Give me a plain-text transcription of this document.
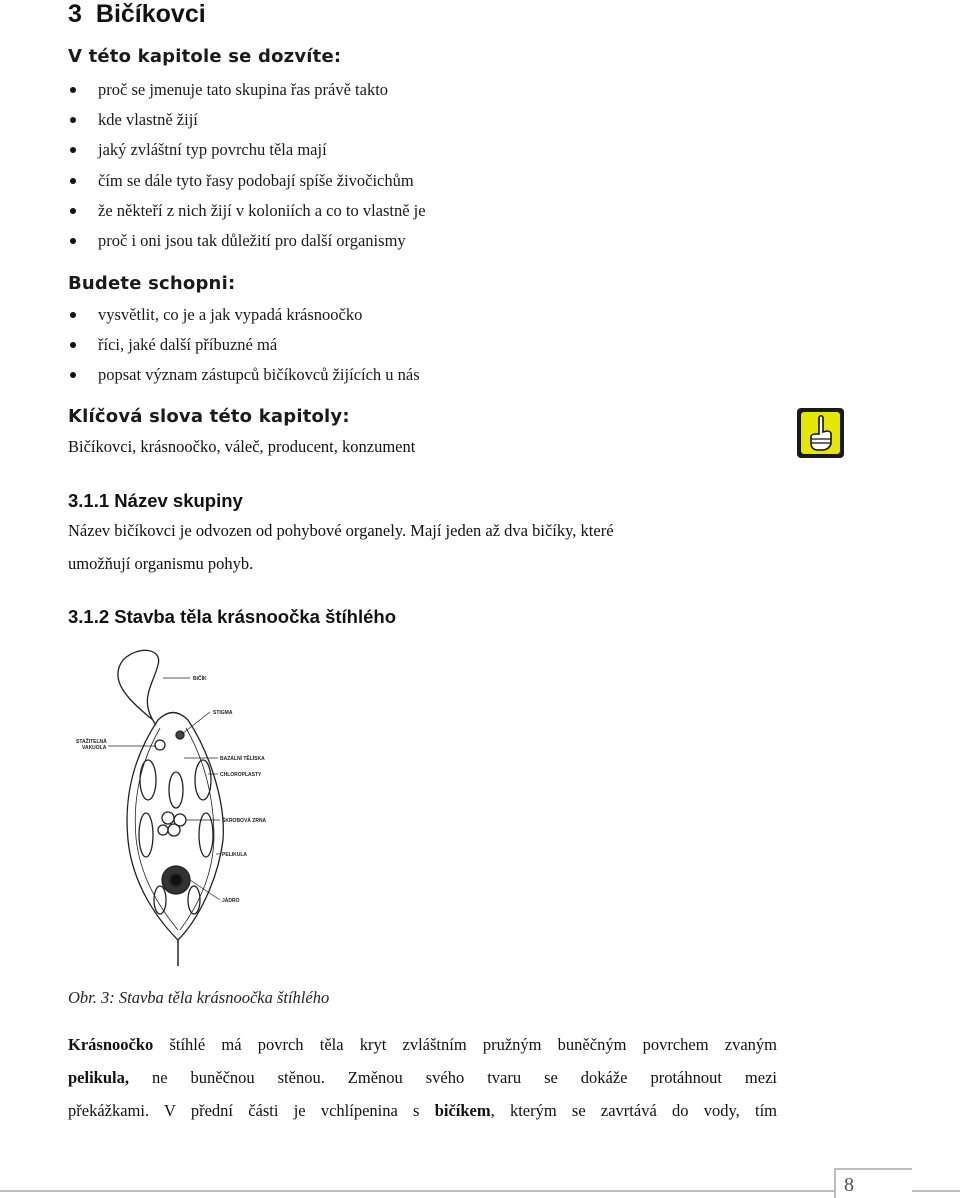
3 Bičíkovci
V této kapitole se dozvíte:
proč se jmenuje tato skupina řas právě takto
kde vlastně žijí
jaký zvláštní typ povrchu těla mají
čím se dále tyto řasy podobají spíše živočichům
že někteří z nich žijí v koloniích a co to vlastně je
proč i oni jsou tak důležití pro další organismy
Budete schopni:
vysvětlit, co je a jak vypadá krásnoočko
říci, jaké další příbuzné má
popsat význam zástupců bičíkovců žijících u nás
Klíčová slova této kapitoly:
Bičíkovci, krásnoočko, váleč, producent, konzument
3.1.1 Název skupiny
Název bičíkovci je odvozen od pohybové organely. Mají jeden až dva bičíky, které
umožňují organismu pohyb.
3.1.2 Stavba těla krásnoočka štíhlého
BIČÍK
STIGMA
STAŽITELNÁ
VAKUOLA
BAZÁLNÍ TĚLÍSKA
CHLOROPLASTY
ŠKROBOVÁ ZRNA
PELIKULA
JÁDRO
Obr. 3: Stavba těla krásnoočka štíhlého
Krásnoočko štíhlé má povrch těla kryt zvláštním pružným buněčným povrchem zvaným
pelikula, ne buněčnou stěnou. Změnou svého tvaru se dokáže protáhnout mezi
překážkami. V přední části je vchlípenina s bičíkem, kterým se zavrtává do vody, tím
8
